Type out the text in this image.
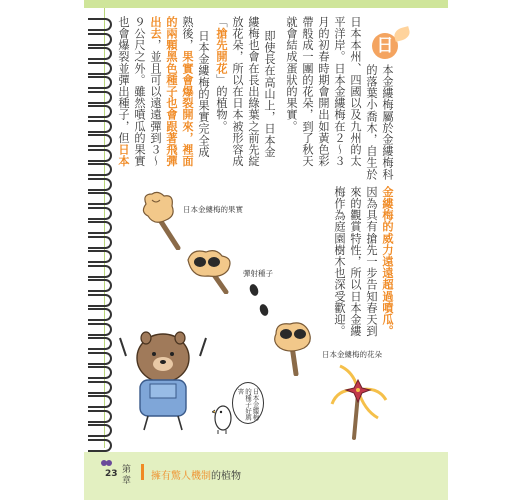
日
本金縷梅屬於金縷梅科
的落葉小喬木，自生於
日本本州、四國以及九州的太
平洋岸。日本金縷梅在２～３
月的初春時期會開出如黃色彩
帶般成一團的花朵，到了秋天
就會結成蛋狀的果實。
即使長在高山上，日本金
縷梅也會在長出綠葉之前先綻
放花朵，所以在日本被形容成
「搶先開花」的植物。
日本金縷梅的果實完全成
熟後，果實會爆裂開來，裡面
的兩顆黑色種子也會跟著飛彈
出去，並且可以遠遠彈到３～
９公尺之外。雖然噴瓜的果實
也會爆裂並彈出種子，但日本
金縷梅的威力遠遠超過噴瓜。
因為具有搶先一步告知春天到
來的觀賞特性，所以日本金縷
梅作為庭園樹木也深受歡迎。
日本金縷梅的果實
彈射種子
日本金縷梅的花朵
日本金縷梅的種子好厲害
23 第
章 擁有驚人機制的植物
